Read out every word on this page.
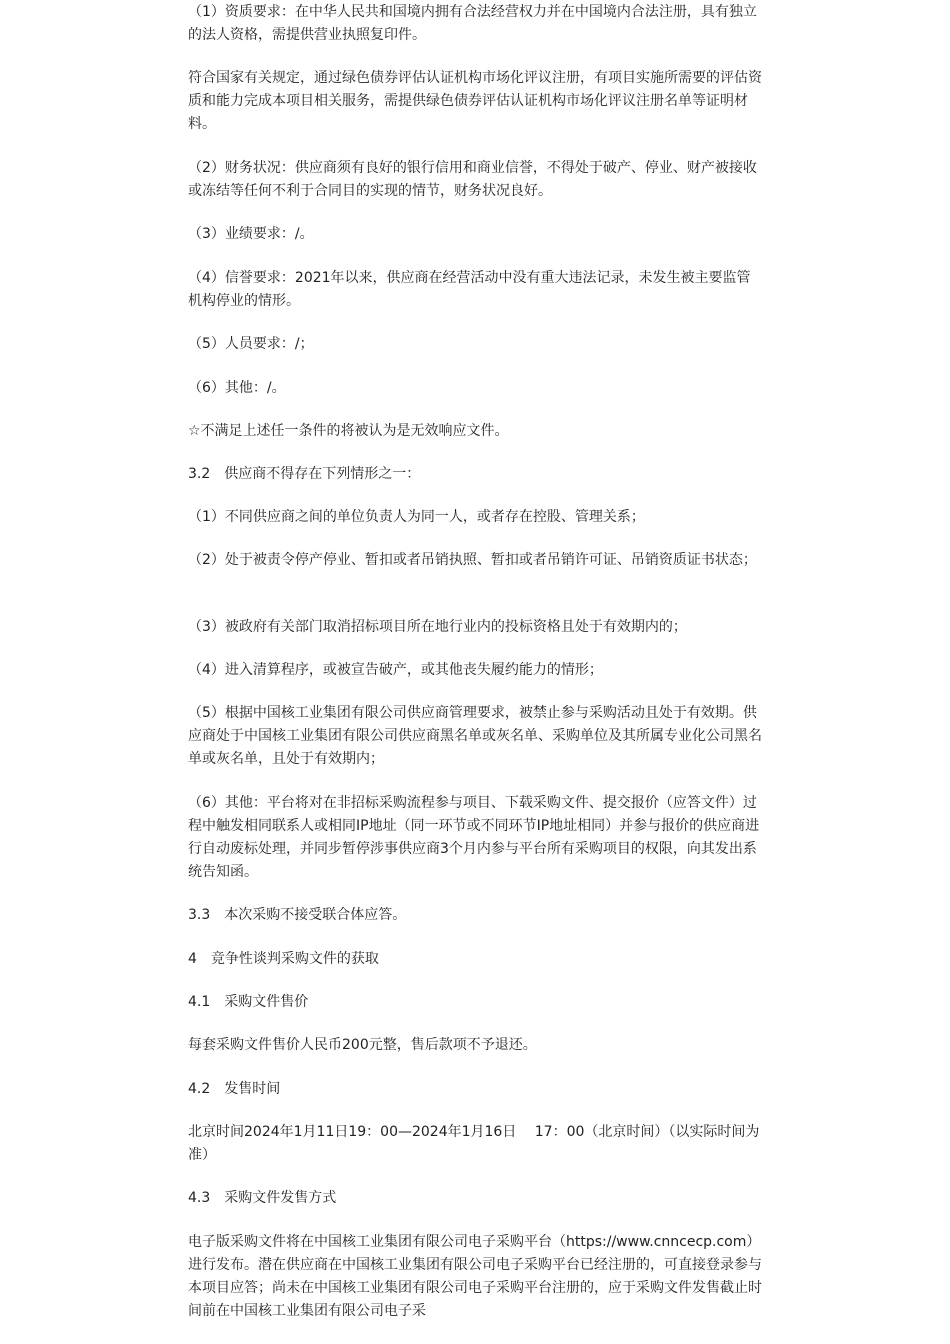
（1）资质要求：在中华人民共和国境内拥有合法经营权力并在中国境内合法注册，具有独立的法人资格，需提供营业执照复印件。

符合国家有关规定，通过绿色债券评估认证机构市场化评议注册，有项目实施所需要的评估资质和能力完成本项目相关服务，需提供绿色债券评估认证机构市场化评议注册名单等证明材料。

（2）财务状况：供应商须有良好的银行信用和商业信誉，不得处于破产、停业、财产被接收或冻结等任何不利于合同目的实现的情节，财务状况良好。

（3）业绩要求：/。

（4）信誉要求：2021年以来，供应商在经营活动中没有重大违法记录，未发生被主要监管机构停业的情形。

（5）人员要求：/；

（6）其他：/。

☆不满足上述任一条件的将被认为是无效响应文件。

3.2　供应商不得存在下列情形之一：

（1）不同供应商之间的单位负责人为同一人，或者存在控股、管理关系；

（2）处于被责令停产停业、暂扣或者吊销执照、暂扣或者吊销许可证、吊销资质证书状态；

（3）被政府有关部门取消招标项目所在地行业内的投标资格且处于有效期内的；

（4）进入清算程序，或被宣告破产，或其他丧失履约能力的情形；

（5）根据中国核工业集团有限公司供应商管理要求，被禁止参与采购活动且处于有效期。供应商处于中国核工业集团有限公司供应商黑名单或灰名单、采购单位及其所属专业化公司黑名单或灰名单，且处于有效期内；

（6）其他：平台将对在非招标采购流程参与项目、下载采购文件、提交报价（应答文件）过程中触发相同联系人或相同IP地址（同一环节或不同环节IP地址相同）并参与报价的供应商进行自动废标处理，并同步暂停涉事供应商3个月内参与平台所有采购项目的权限，向其发出系统告知函。

3.3　本次采购不接受联合体应答。

4　竞争性谈判采购文件的获取

4.1　采购文件售价

每套采购文件售价人民币200元整，售后款项不予退还。

4.2　发售时间

北京时间2024年1月11日19：00—2024年1月16日　 17：00（北京时间）（以实际时间为准）

4.3　采购文件发售方式

电子版采购文件将在中国核工业集团有限公司电子采购平台（https://www.cnncecp.com）进行发布。潜在供应商在中国核工业集团有限公司电子采购平台已经注册的，可直接登录参与本项目应答；尚未在中国核工业集团有限公司电子采购平台注册的，应于采购文件发售截止时间前在中国核工业集团有限公司电子采
